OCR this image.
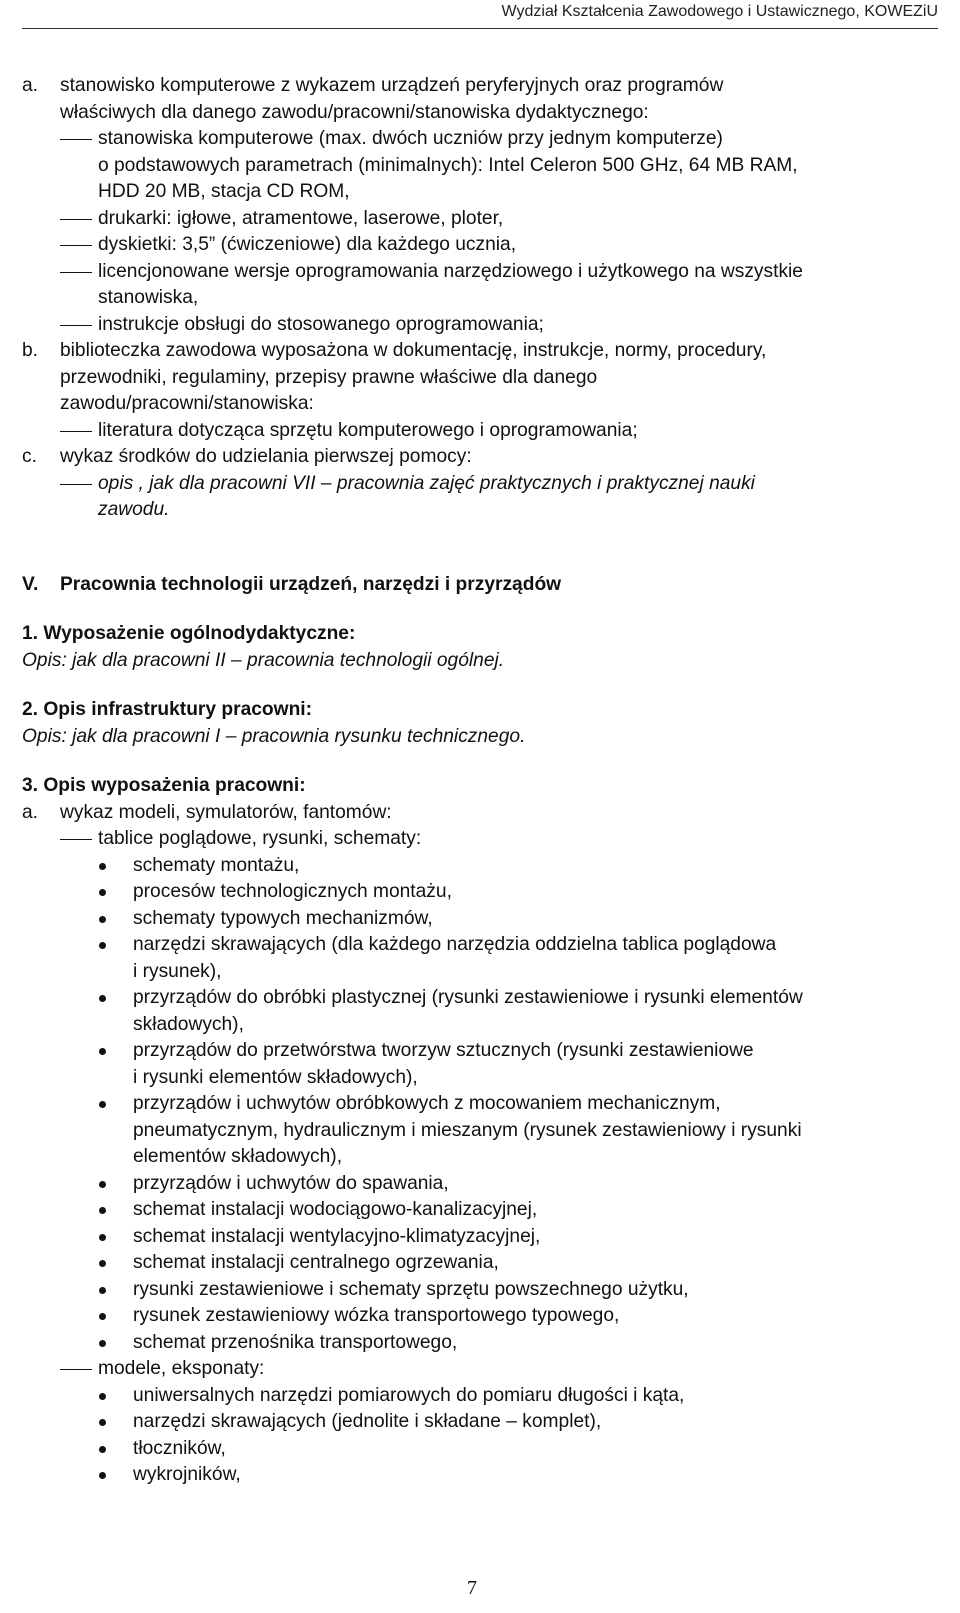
Wydział Kształcenia Zawodowego i Ustawicznego, KOWEZiU
a. stanowisko komputerowe z wykazem urządzeń peryferyjnych oraz programów
właściwych dla danego zawodu/pracowni/stanowiska dydaktycznego:
stanowiska komputerowe (max. dwóch uczniów przy jednym komputerze)
o podstawowych parametrach (minimalnych): Intel Celeron 500 GHz, 64 MB RAM,
HDD 20 MB, stacja CD ROM,
drukarki: igłowe, atramentowe, laserowe, ploter,
dyskietki: 3,5” (ćwiczeniowe) dla każdego ucznia,
licencjonowane wersje oprogramowania narzędziowego i użytkowego na wszystkie
stanowiska,
instrukcje obsługi do stosowanego oprogramowania;
b. biblioteczka zawodowa wyposażona w dokumentację, instrukcje, normy, procedury,
przewodniki, regulaminy, przepisy prawne właściwe dla danego
zawodu/pracowni/stanowiska:
literatura dotycząca sprzętu komputerowego i oprogramowania;
c. wykaz środków do udzielania pierwszej pomocy:
opis , jak dla pracowni VII – pracownia zajęć praktycznych i praktycznej nauki
zawodu.
V. Pracownia technologii urządzeń, narzędzi i przyrządów
1. Wyposażenie ogólnodydaktyczne:
Opis: jak dla pracowni II – pracownia technologii ogólnej.
2. Opis infrastruktury pracowni:
Opis: jak dla pracowni I – pracownia rysunku technicznego.
3. Opis wyposażenia pracowni:
a. wykaz modeli, symulatorów, fantomów:
tablice poglądowe, rysunki, schematy:
schematy montażu,
procesów technologicznych montażu,
schematy typowych mechanizmów,
narzędzi skrawających (dla każdego narzędzia oddzielna tablica poglądowa
i rysunek),
przyrządów do obróbki plastycznej (rysunki zestawieniowe i rysunki elementów
składowych),
przyrządów do przetwórstwa tworzyw sztucznych (rysunki zestawieniowe
i rysunki elementów składowych),
przyrządów i uchwytów obróbkowych z mocowaniem mechanicznym,
pneumatycznym, hydraulicznym i mieszanym (rysunek zestawieniowy i rysunki
elementów składowych),
przyrządów i uchwytów do spawania,
schemat instalacji wodociągowo-kanalizacyjnej,
schemat instalacji wentylacyjno-klimatyzacyjnej,
schemat instalacji centralnego ogrzewania,
rysunki zestawieniowe i schematy sprzętu powszechnego użytku,
rysunek zestawieniowy wózka transportowego typowego,
schemat przenośnika transportowego,
modele, eksponaty:
uniwersalnych narzędzi pomiarowych do pomiaru długości i kąta,
narzędzi skrawających (jednolite i składane – komplet),
tłoczników,
wykrojników,
7
